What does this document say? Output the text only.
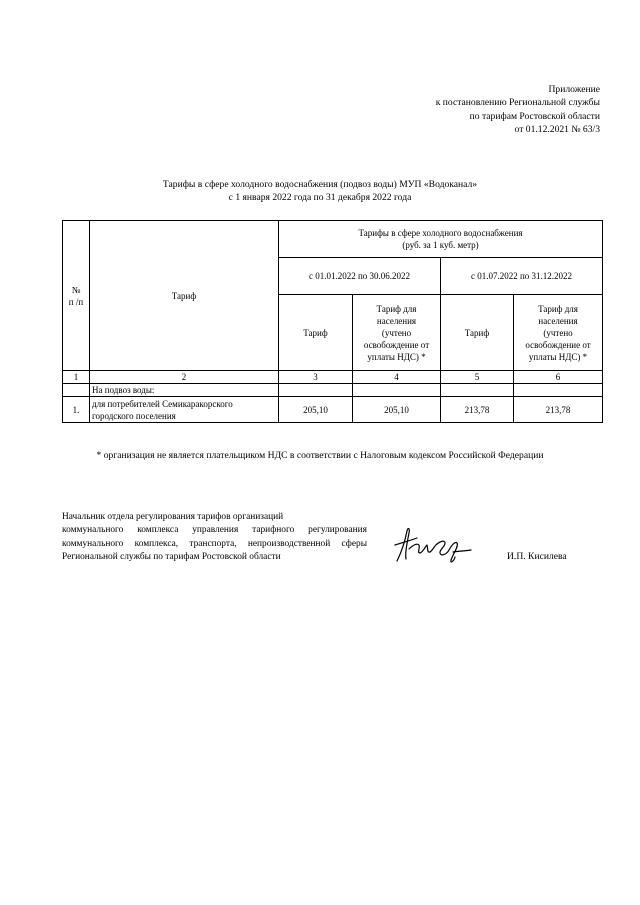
Приложение
к постановлению Региональной службы
по тарифам Ростовской области
от 01.12.2021 № 63/3
Тарифы в сфере холодного водоснабжения (подвоз воды) МУП «Водоканал»
с 1 января 2022 года по 31 декабря 2022 года
№
п /п	Тариф	Тарифы в сфере холодного водоснабжения
(руб. за 1 куб. метр)			
		с 01.01.2022 по 30.06.2022		с 01.07.2022 по 31.12.2022	
		Тариф	Тариф для
населения
(учтено
освобождение от
уплаты НДС) *	Тариф	Тариф для
населения
(учтено
освобождение от
уплаты НДС) *
1	2	3	4	5	6
	На подвоз воды:				
1.	для потребителей Семикаракорского городского поселения	205,10	205,10	213,78	213,78
* организация не является плательщиком НДС в соответствии с Налоговым кодексом Российской Федерации
Начальник отдела регулирования тарифов организаций
коммунального комплекса управления тарифного регулирования
коммунального комплекса, транспорта, непроизводственной сферы
Региональной службы по тарифам Ростовской области	И.П. Кисилева
